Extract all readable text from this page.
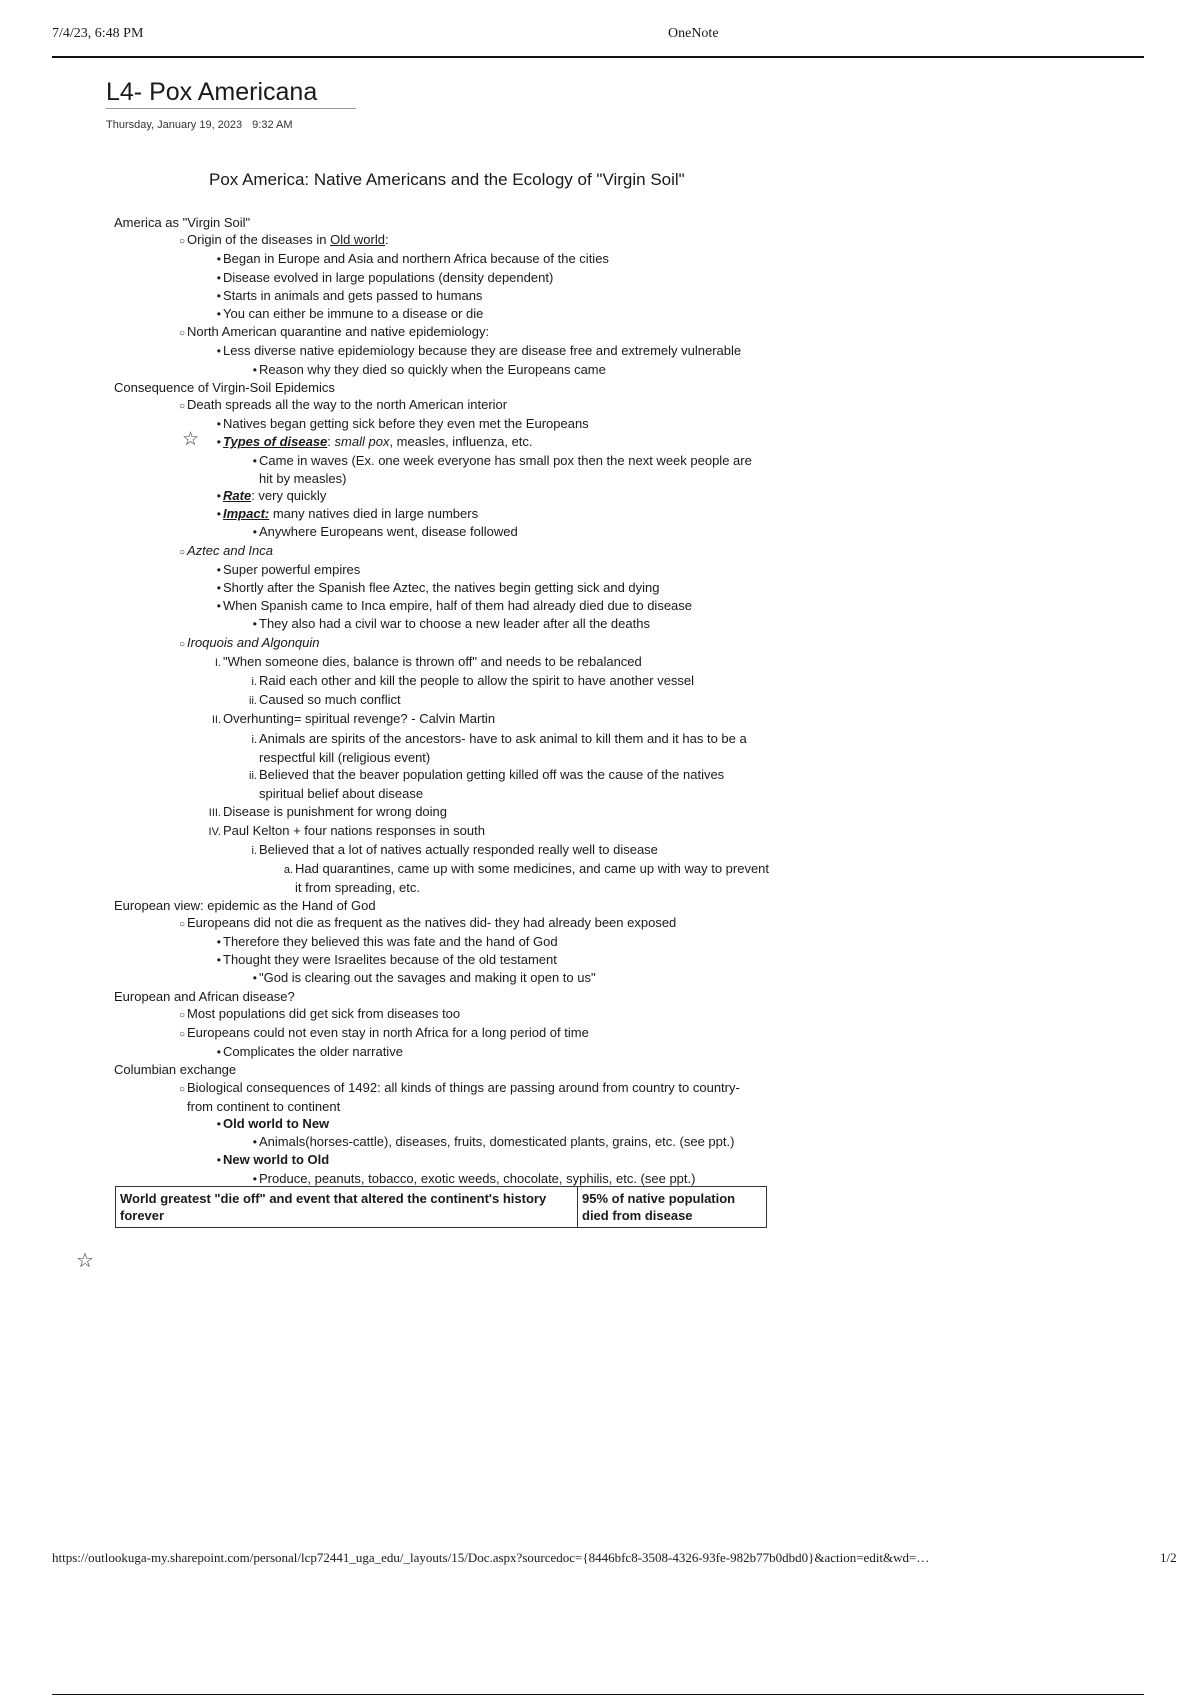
7/4/23, 6:48 PM	OneNote
L4- Pox Americana
Thursday, January 19, 2023 9:32 AM
Pox America: Native Americans and the Ecology of "Virgin Soil"
America as "Virgin Soil"
○ Origin of the diseases in Old world:
• Began in Europe and Asia and northern Africa because of the cities
• Disease evolved in large populations (density dependent)
• Starts in animals and gets passed to humans
• You can either be immune to a disease or die
○ North American quarantine and native epidemiology:
• Less diverse native epidemiology because they are disease free and extremely vulnerable
• Reason why they died so quickly when the Europeans came
Consequence of Virgin-Soil Epidemics
○ Death spreads all the way to the north American interior
• Natives began getting sick before they even met the Europeans
☆ • Types of disease: small pox, measles, influenza, etc.
• Came in waves (Ex. one week everyone has small pox then the next week people are hit by measles)
• Rate: very quickly
• Impact: many natives died in large numbers
• Anywhere Europeans went, disease followed
○ Aztec and Inca
• Super powerful empires
• Shortly after the Spanish flee Aztec, the natives begin getting sick and dying
• When Spanish came to Inca empire, half of them had already died due to disease
• They also had a civil war to choose a new leader after all the deaths
○ Iroquois and Algonquin
I. "When someone dies, balance is thrown off" and needs to be rebalanced
i. Raid each other and kill the people to allow the spirit to have another vessel
ii. Caused so much conflict
II. Overhunting= spiritual revenge? - Calvin Martin
i. Animals are spirits of the ancestors- have to ask animal to kill them and it has to be a respectful kill (religious event)
ii. Believed that the beaver population getting killed off was the cause of the natives spiritual belief about disease
III. Disease is punishment for wrong doing
IV. Paul Kelton + four nations responses in south
i. Believed that a lot of natives actually responded really well to disease
a. Had quarantines, came up with some medicines, and came up with way to prevent it from spreading, etc.
European view: epidemic as the Hand of God
○ Europeans did not die as frequent as the natives did- they had already been exposed
• Therefore they believed this was fate and the hand of God
• Thought they were Israelites because of the old testament
• "God is clearing out the savages and making it open to us"
European and African disease?
○ Most populations did get sick from diseases too
○ Europeans could not even stay in north Africa for a long period of time
• Complicates the older narrative
Columbian exchange
○ Biological consequences of 1492: all kinds of things are passing around from country to country- from continent to continent
• Old world to New
• Animals(horses-cattle), diseases, fruits, domesticated plants, grains, etc. (see ppt.)
• New world to Old
• Produce, peanuts, tobacco, exotic weeds, chocolate, syphilis, etc. (see ppt.)
World greatest "die off" and event that altered the continent's history forever	95% of native population died from disease
☆
https://outlookuga-my.sharepoint.com/personal/lcp72441_uga_edu/_layouts/15/Doc.aspx?sourcedoc={8446bfc8-3508-4326-93fe-982b77b0dbd0}&action=edit&wd=…	1/2
